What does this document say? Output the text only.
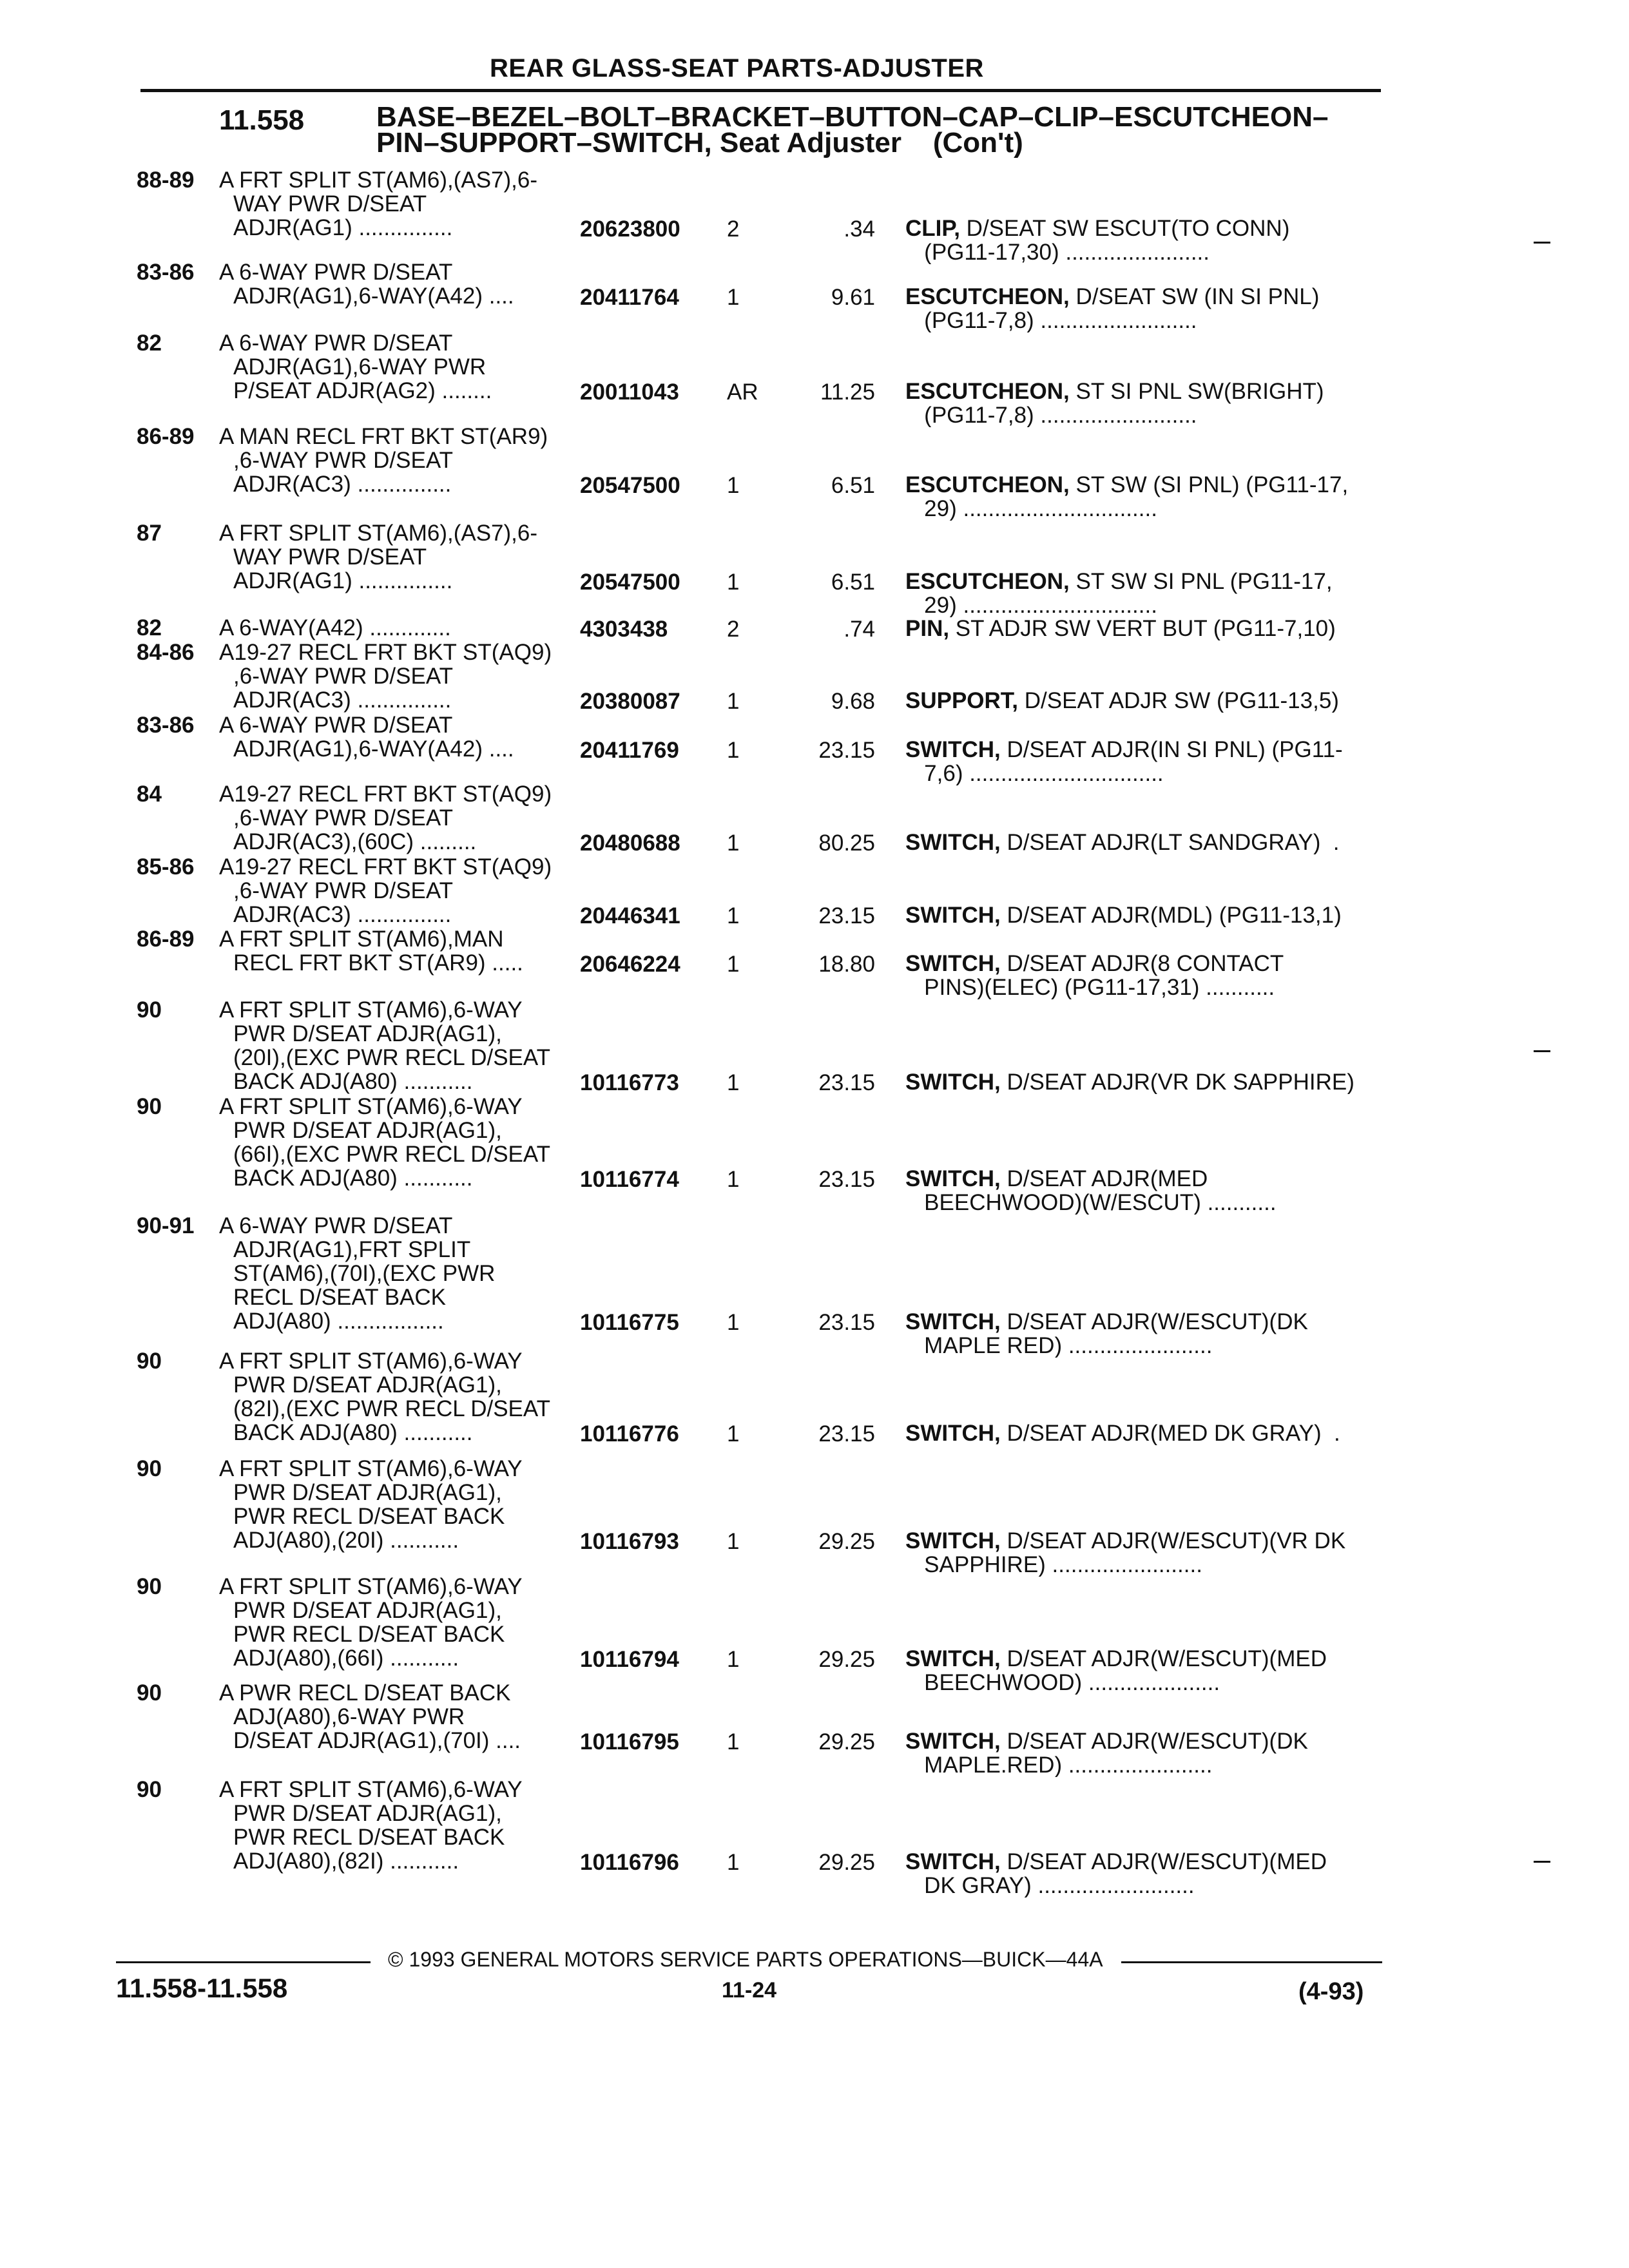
REAR GLASS-SEAT PARTS-ADJUSTER
11.558	BASE–BEZEL–BOLT–BRACKET–BUTTON–CAP–CLIP–ESCUTCHEON–
PIN–SUPPORT–SWITCH, Seat Adjuster    (Con't)
88-89 A FRT SPLIT ST(AM6),(AS7),6-
WAY PWR D/SEAT
ADJR(AG1) ...............	20623800 2	.34 CLIP, D/SEAT SW ESCUT(TO CONN)
(PG11-17,30) .......................
83-86 A 6-WAY PWR D/SEAT
ADJR(AG1),6-WAY(A42) ....	20411764 1	9.61 ESCUTCHEON, D/SEAT SW (IN SI PNL)
(PG11-7,8) .........................
82	A 6-WAY PWR D/SEAT
ADJR(AG1),6-WAY PWR
P/SEAT ADJR(AG2) ........	20011043 AR	11.25 ESCUTCHEON, ST SI PNL SW(BRIGHT)
(PG11-7,8) .........................
86-89 A MAN RECL FRT BKT ST(AR9)
,6-WAY PWR D/SEAT
ADJR(AC3) ...............	20547500 1	6.51 ESCUTCHEON, ST SW (SI PNL) (PG11-17,
29) ...............................
87	A FRT SPLIT ST(AM6),(AS7),6-
WAY PWR D/SEAT
ADJR(AG1) ...............	20547500 1	6.51 ESCUTCHEON, ST SW SI PNL (PG11-17,
29) ...............................
82	A 6-WAY(A42) .............	4303438	2	.74 PIN, ST ADJR SW VERT BUT (PG11-7,10)
84-86 A19-27 RECL FRT BKT ST(AQ9)
,6-WAY PWR D/SEAT
ADJR(AC3) ...............	20380087 1	9.68 SUPPORT, D/SEAT ADJR SW (PG11-13,5)
83-86 A 6-WAY PWR D/SEAT
ADJR(AG1),6-WAY(A42) ....	20411769 1	23.15 SWITCH, D/SEAT ADJR(IN SI PNL) (PG11-
7,6) ...............................
84	A19-27 RECL FRT BKT ST(AQ9)
,6-WAY PWR D/SEAT
ADJR(AC3),(60C) .........	20480688 1	80.25 SWITCH, D/SEAT ADJR(LT SANDGRAY)  .
85-86 A19-27 RECL FRT BKT ST(AQ9)
,6-WAY PWR D/SEAT
ADJR(AC3) ...............	20446341 1	23.15 SWITCH, D/SEAT ADJR(MDL) (PG11-13,1)
86-89 A FRT SPLIT ST(AM6),MAN
RECL FRT BKT ST(AR9) .....	20646224 1	18.80 SWITCH, D/SEAT ADJR(8 CONTACT
PINS)(ELEC) (PG11-17,31) ...........
90	A FRT SPLIT ST(AM6),6-WAY
PWR D/SEAT ADJR(AG1),
(20I),(EXC PWR RECL D/SEAT
BACK ADJ(A80) ...........	10116773 1	23.15 SWITCH, D/SEAT ADJR(VR DK SAPPHIRE)
90	A FRT SPLIT ST(AM6),6-WAY
PWR D/SEAT ADJR(AG1),
(66I),(EXC PWR RECL D/SEAT
BACK ADJ(A80) ...........	10116774 1	23.15 SWITCH, D/SEAT ADJR(MED
BEECHWOOD)(W/ESCUT) ...........
90-91 A 6-WAY PWR D/SEAT
ADJR(AG1),FRT SPLIT
ST(AM6),(70I),(EXC PWR
RECL D/SEAT BACK
ADJ(A80) .................	10116775 1	23.15 SWITCH, D/SEAT ADJR(W/ESCUT)(DK
MAPLE RED) .......................
90	A FRT SPLIT ST(AM6),6-WAY
PWR D/SEAT ADJR(AG1),
(82I),(EXC PWR RECL D/SEAT
BACK ADJ(A80) ...........	10116776 1	23.15 SWITCH, D/SEAT ADJR(MED DK GRAY)  .
90	A FRT SPLIT ST(AM6),6-WAY
PWR D/SEAT ADJR(AG1),
PWR RECL D/SEAT BACK
ADJ(A80),(20I) ...........	10116793 1	29.25 SWITCH, D/SEAT ADJR(W/ESCUT)(VR DK
SAPPHIRE) ........................
90	A FRT SPLIT ST(AM6),6-WAY
PWR D/SEAT ADJR(AG1),
PWR RECL D/SEAT BACK
ADJ(A80),(66I) ...........	10116794 1	29.25 SWITCH, D/SEAT ADJR(W/ESCUT)(MED
BEECHWOOD) .....................
90	A PWR RECL D/SEAT BACK
ADJ(A80),6-WAY PWR
D/SEAT ADJR(AG1),(70I) ....	10116795 1	29.25 SWITCH, D/SEAT ADJR(W/ESCUT)(DK
MAPLE.RED) .......................
90	A FRT SPLIT ST(AM6),6-WAY
PWR D/SEAT ADJR(AG1),
PWR RECL D/SEAT BACK
ADJ(A80),(82I) ...........	10116796 1	29.25 SWITCH, D/SEAT ADJR(W/ESCUT)(MED
DK GRAY) .........................
© 1993 GENERAL MOTORS SERVICE PARTS OPERATIONS—BUICK—44A
11.558-11.558	11-24	(4-93)
